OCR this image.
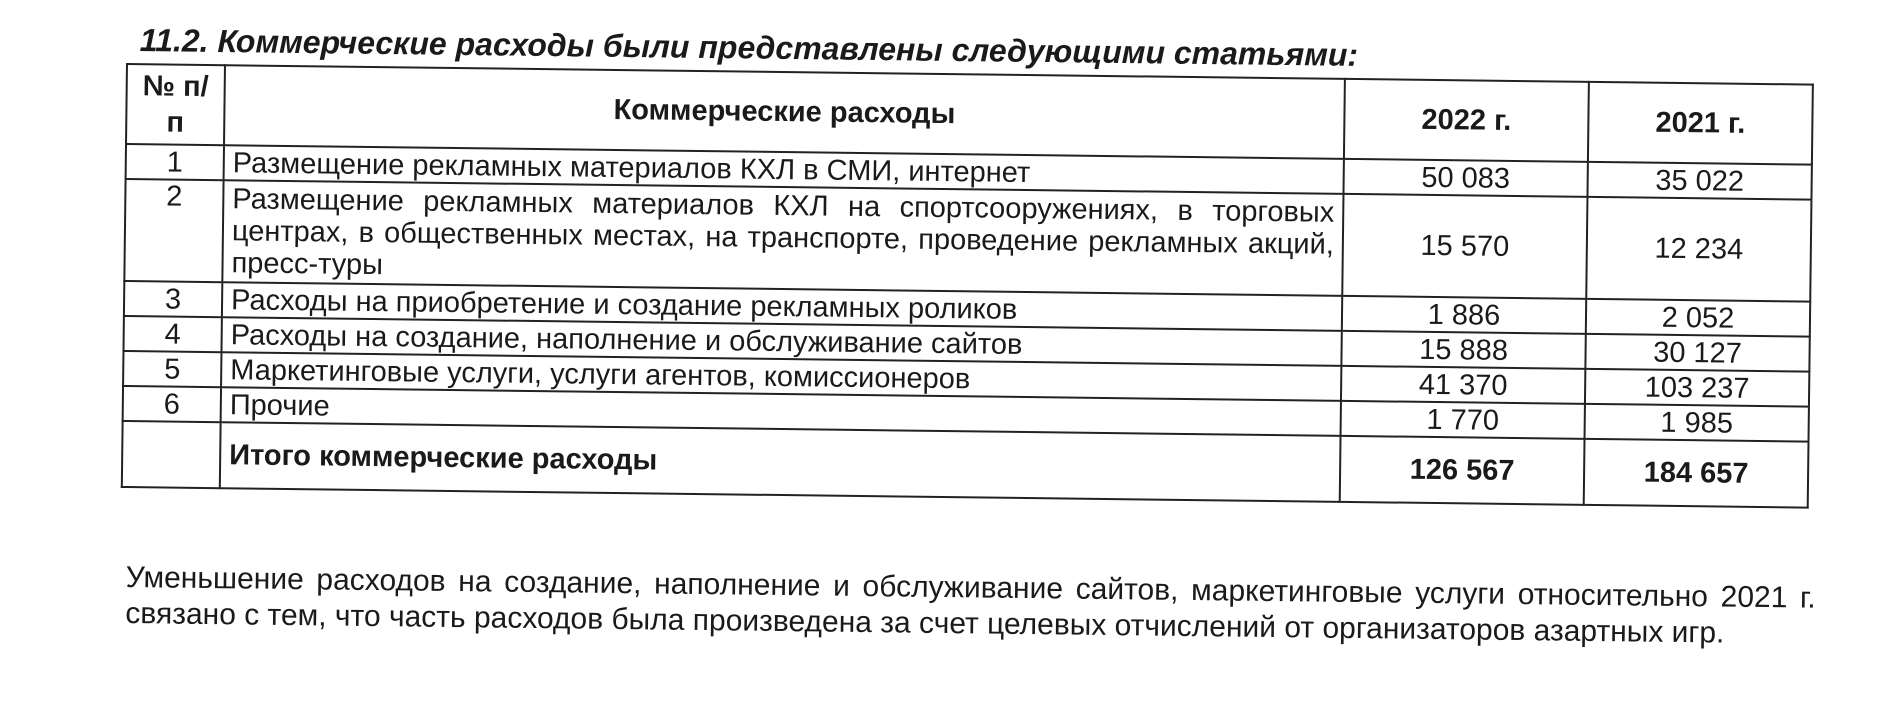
11.2. Коммерческие расходы были представлены следующими статьями:
№ п/п	Коммерческие расходы	2022 г.	2021 г.
1	Размещение рекламных материалов КХЛ в СМИ, интернет	50 083	35 022
2	Размещение рекламных материалов КХЛ на спортсооружениях, в торговых центрах, в общественных местах, на транспорте, проведение рекламных акций, пресс-туры	15 570	12 234
3	Расходы на приобретение и создание рекламных роликов	1 886	2 052
4	Расходы на создание, наполнение и обслуживание сайтов	15 888	30 127
5	Маркетинговые услуги, услуги агентов, комиссионеров	41 370	103 237
6	Прочие	1 770	1 985
	Итого коммерческие расходы	126 567	184 657
Уменьшение расходов на создание, наполнение и обслуживание сайтов, маркетинговые услуги относительно 2021 г. связано с тем, что часть расходов была произведена за счет целевых отчислений от организаторов азартных игр.
